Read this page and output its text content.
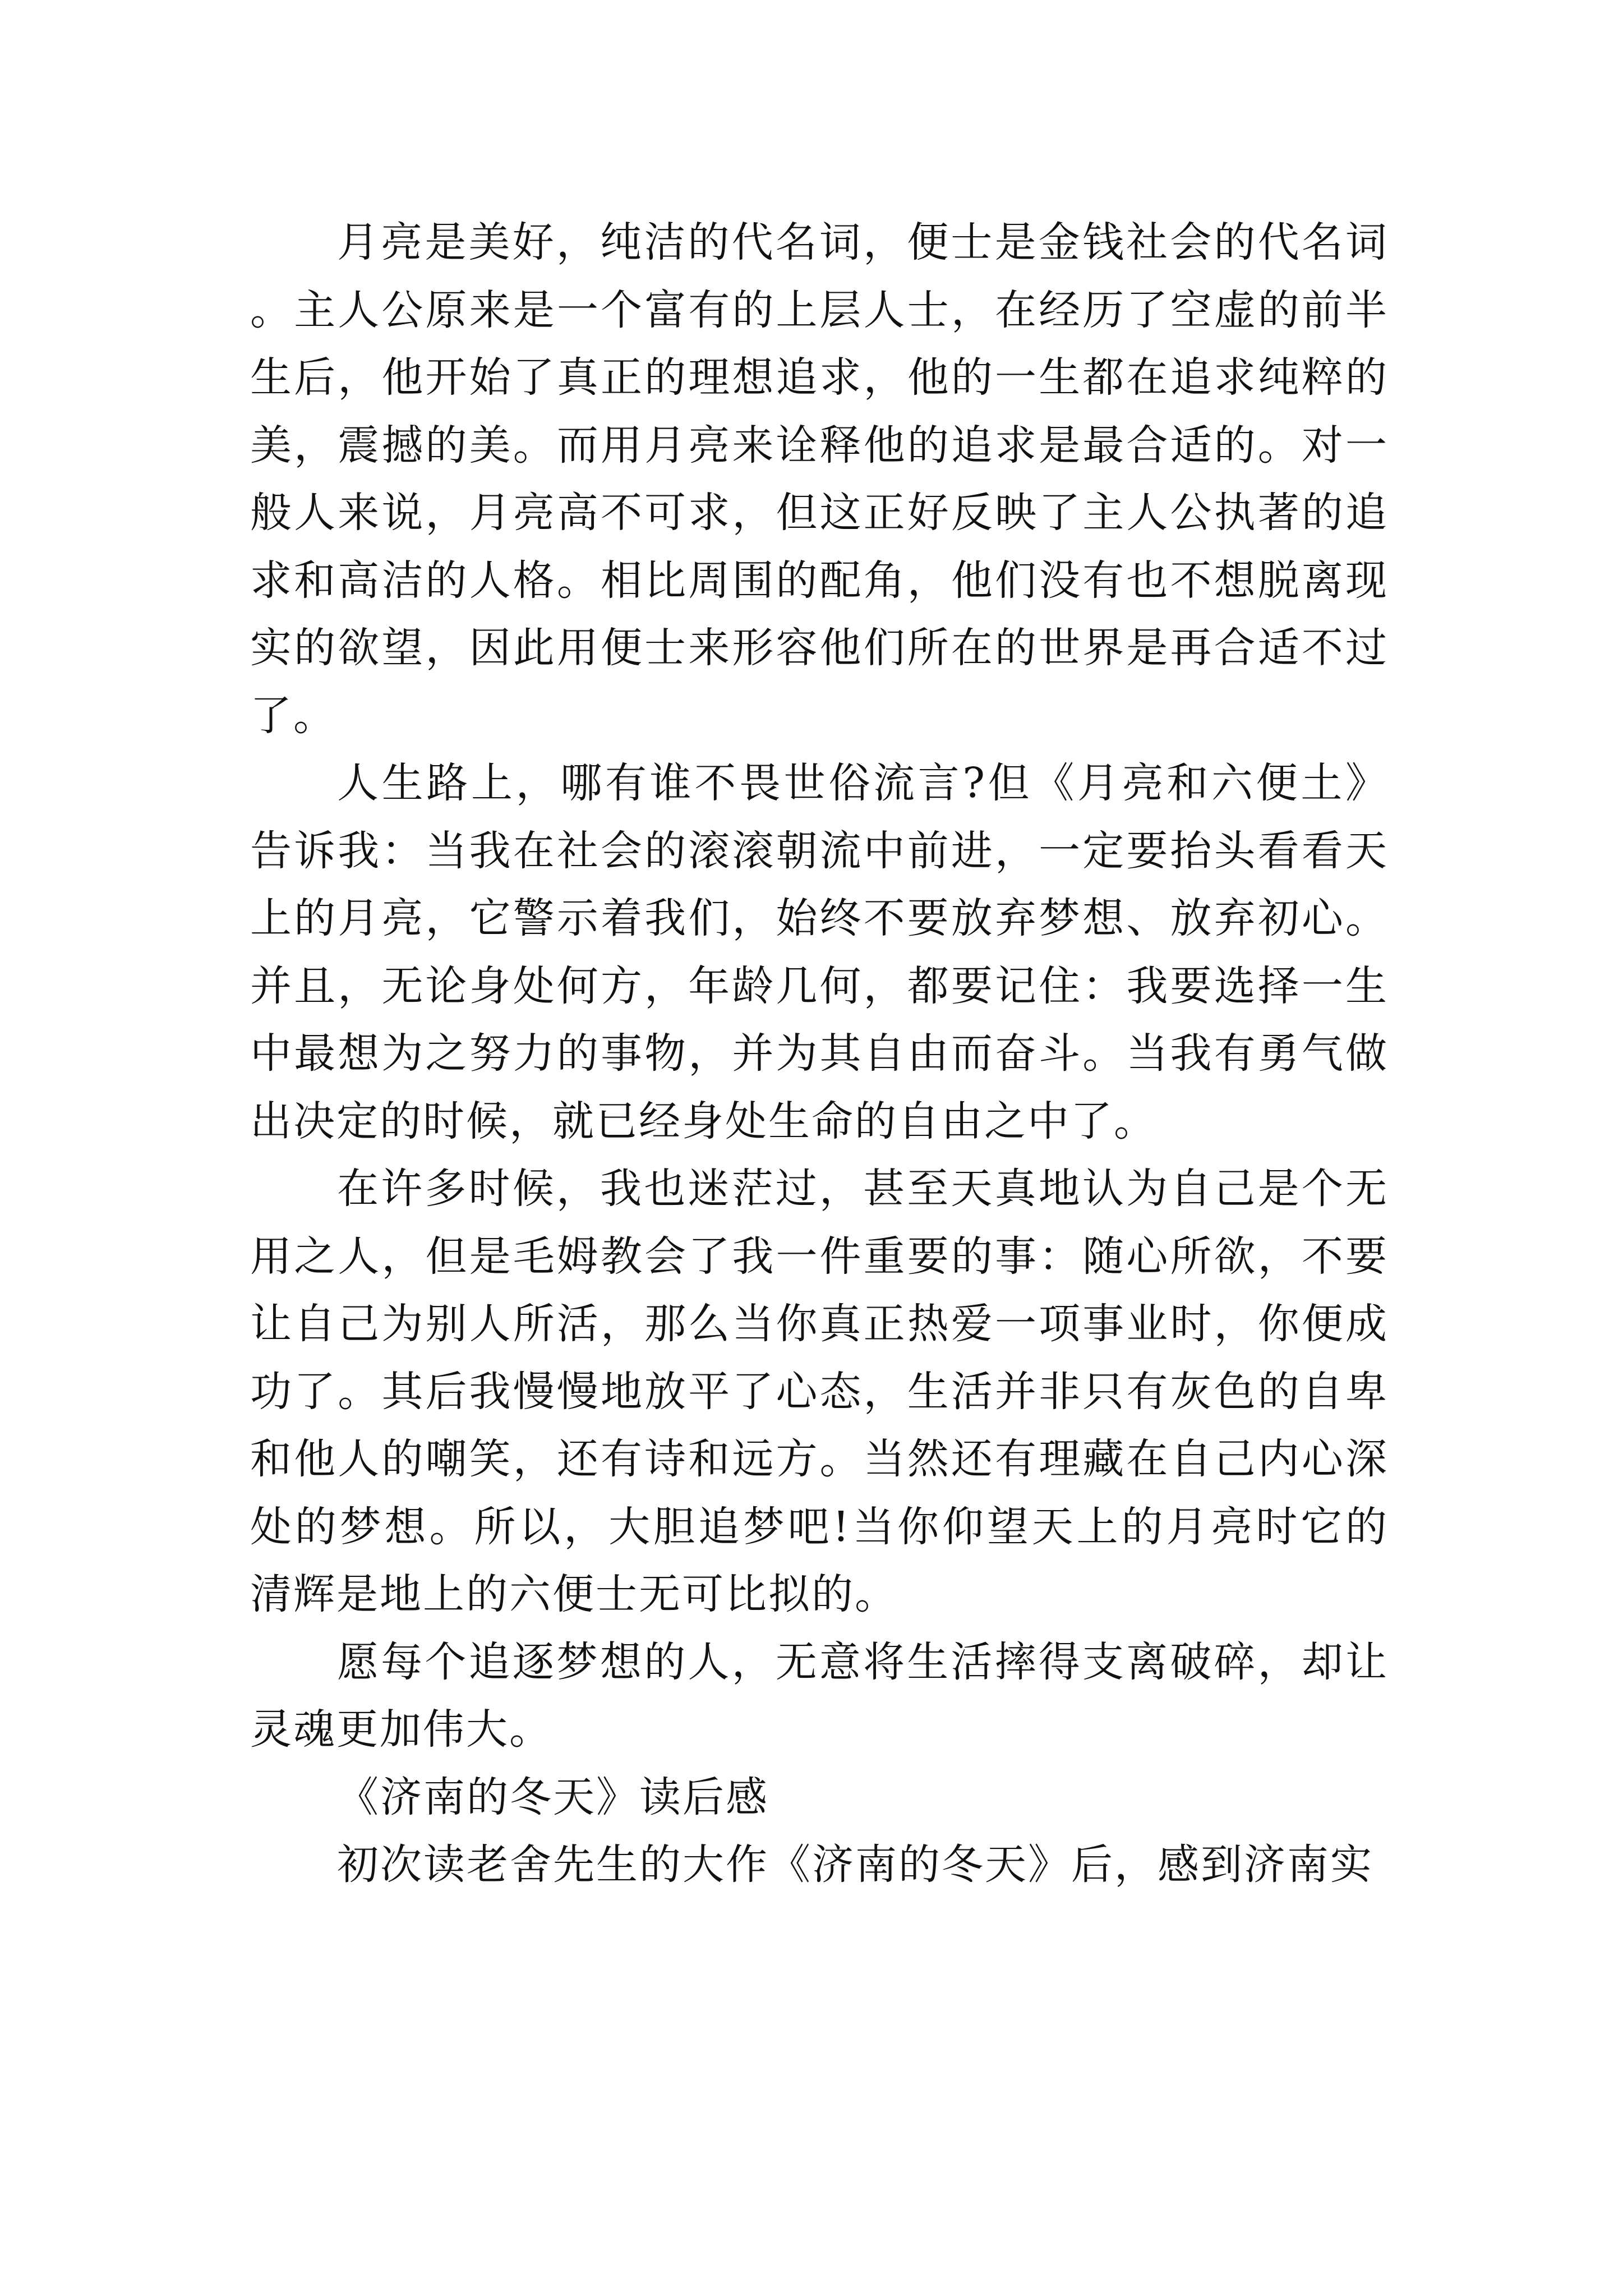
月亮是美好，纯洁的代名词，便士是金钱社会的代名词。主人公原来是一个富有的上层人士，在经历了空虚的前半生后，他开始了真正的理想追求，他的一生都在追求纯粹的美，震撼的美。而用月亮来诠释他的追求是最合适的。对一般人来说，月亮高不可求，但这正好反映了主人公执著的追求和高洁的人格。相比周围的配角，他们没有也不想脱离现实的欲望，因此用便士来形容他们所在的世界是再合适不过了。

人生路上，哪有谁不畏世俗流言?但《月亮和六便土》告诉我：当我在社会的滚滚朝流中前进，一定要抬头看看天上的月亮，它警示着我们，始终不要放弃梦想、放弃初心。并且，无论身处何方，年龄几何，都要记住：我要选择一生中最想为之努力的事物，并为其自由而奋斗。当我有勇气做出决定的时候，就已经身处生命的自由之中了。

在许多时候，我也迷茫过，甚至天真地认为自己是个无用之人，但是毛姆教会了我一件重要的事：随心所欲，不要让自己为别人所活，那么当你真正热爱一项事业时，你便成功了。其后我慢慢地放平了心态，生活并非只有灰色的自卑和他人的嘲笑，还有诗和远方。当然还有理藏在自己内心深处的梦想。所以，大胆追梦吧!当你仰望天上的月亮时它的清辉是地上的六便士无可比拟的。

愿每个追逐梦想的人，无意将生活摔得支离破碎，却让灵魂更加伟大。

《济南的冬天》读后感

初次读老舍先生的大作《济南的冬天》后，感到济南实
